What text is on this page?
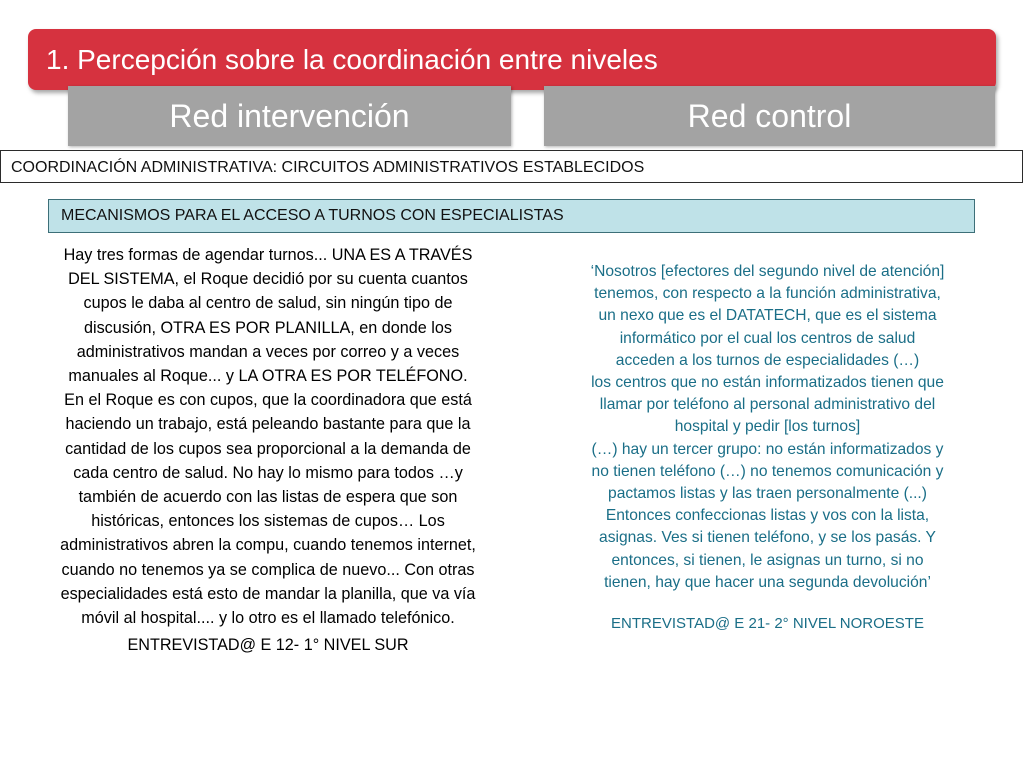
1. Percepción sobre la coordinación entre niveles
Red intervención	Red control
COORDINACIÓN ADMINISTRATIVA: CIRCUITOS ADMINISTRATIVOS ESTABLECIDOS
MECANISMOS PARA EL ACCESO A TURNOS CON ESPECIALISTAS
Hay tres formas de agendar turnos... UNA ES A TRAVÉS
DEL SISTEMA, el Roque decidió por su cuenta cuantos
cupos le daba al centro de salud, sin ningún tipo de
discusión, OTRA ES POR PLANILLA, en donde los
administrativos mandan a veces por correo y a veces
manuales al Roque... y LA OTRA ES POR TELÉFONO.
En el Roque es con cupos, que la coordinadora que está
haciendo un trabajo, está peleando bastante para que la
cantidad de los cupos sea proporcional a la demanda de
cada centro de salud. No hay lo mismo para todos …y
también de acuerdo con las listas de espera que son
históricas, entonces los sistemas de cupos… Los
administrativos abren la compu, cuando tenemos internet,
cuando no tenemos ya se complica de nuevo... Con otras
especialidades está esto de mandar la planilla, que va vía
móvil al hospital.... y lo otro es el llamado telefónico.
ENTREVISTAD@ E 12- 1° NIVEL SUR
‘Nosotros [efectores del segundo nivel de atención]
tenemos, con respecto a la función administrativa,
un nexo que es el DATATECH, que es el sistema
informático por el cual los centros de salud
acceden a los turnos de especialidades (…)
los centros que no están informatizados tienen que
llamar por teléfono al personal administrativo del
hospital y pedir [los turnos]
(…) hay un tercer grupo: no están informatizados y
no tienen teléfono (…) no tenemos comunicación y
pactamos listas y las traen personalmente (...)
Entonces confeccionas listas y vos con la lista,
asignas. Ves si tienen teléfono, y se los pasás. Y
entonces, si tienen, le asignas un turno, si no
tienen, hay que hacer una segunda devolución’
ENTREVISTAD@ E 21- 2° NIVEL NOROESTE
